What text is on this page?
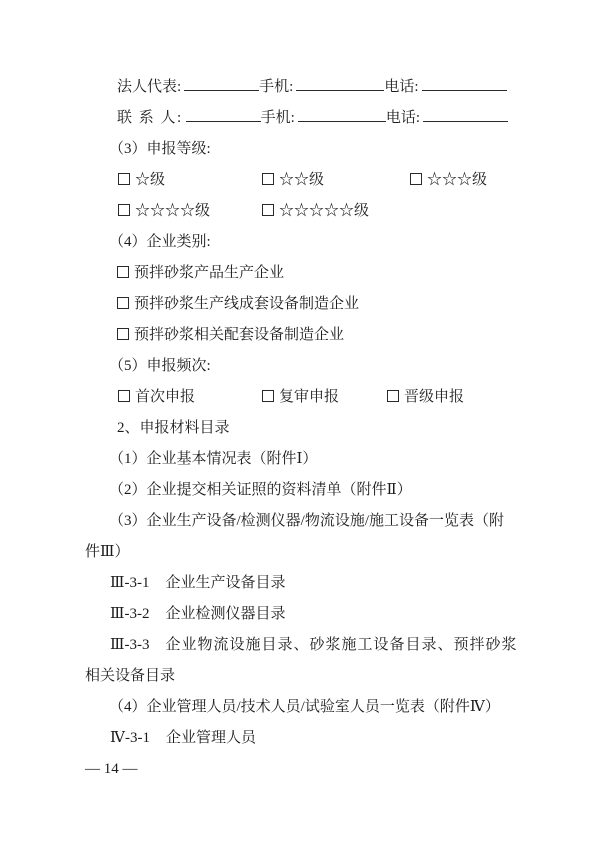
法人代表:	手机:	电话:
联 系 人:	手机:	电话:
（3）申报等级:
☆级	☆☆级	☆☆☆级
☆☆☆☆级	☆☆☆☆☆级
（4）企业类别:
预拌砂浆产品生产企业
预拌砂浆生产线成套设备制造企业
预拌砂浆相关配套设备制造企业
（5）申报频次:
首次申报	复审申报	晋级申报
2、申报材料目录
（1）企业基本情况表（附件Ⅰ）
（2）企业提交相关证照的资料清单（附件Ⅱ）
（3）企业生产设备/检测仪器/物流设施/施工设备一览表（附
件Ⅲ）
Ⅲ-3-1 企业生产设备目录
Ⅲ-3-2 企业检测仪器目录
Ⅲ-3-3 企业物流设施目录、砂浆施工设备目录、预拌砂浆
相关设备目录
（4）企业管理人员/技术人员/试验室人员一览表（附件Ⅳ）
Ⅳ-3-1 企业管理人员
— 14 —
